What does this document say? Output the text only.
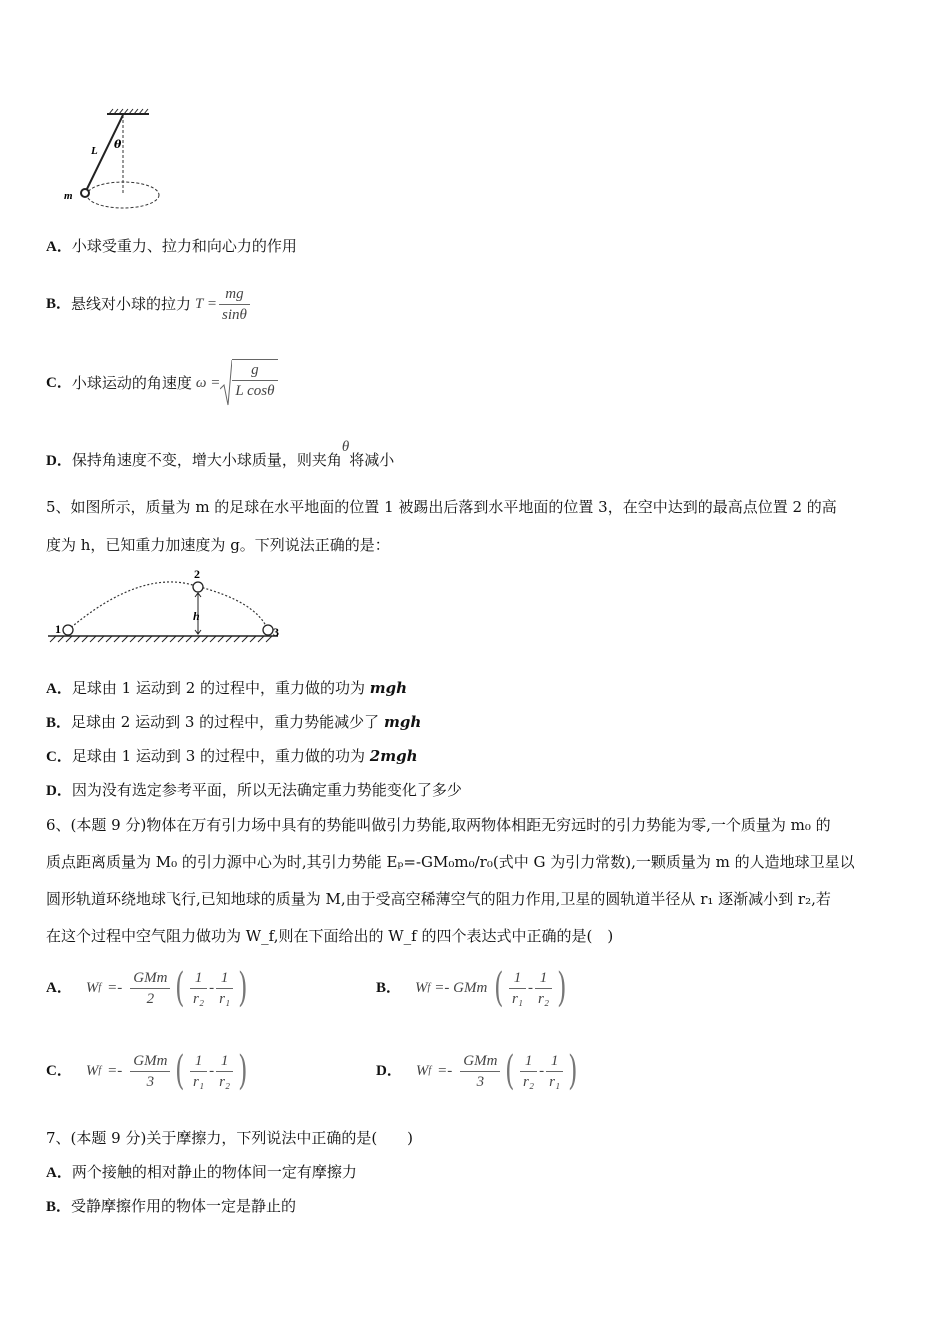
L θ
m
A．小球受重力、拉力和向心力的作用
B． 悬线对小球的拉力 $T = \frac{mg}{\sin\theta}$
C． 小球运动的角速度 $\omega = \frac{g}{\text{L cosθ}}$
D．保持角速度不变，增大小球质量，则夹角θ将减小
5、如图所示，质量为 m 的足球在水平地面的位置 1 被踢出后落到水平地面的位置 3，在空中达到的最高点位置 2 的高
度为 h，已知重力加速度为 g。下列说法正确的是：
1
2
3
h
A．足球由 1 运动到 2 的过程中，重力做的功为 mgh
B．足球由 2 运动到 3 的过程中，重力势能减少了 mgh
C．足球由 1 运动到 3 的过程中，重力做的功为 2mgh
D．因为没有选定参考平面，所以无法确定重力势能变化了多少
6、(本题 9 分)物体在万有引力场中具有的势能叫做引力势能,取两物体相距无穷远时的引力势能为零,一个质量为 m₀ 的
质点距离质量为 M₀ 的引力源中心为时,其引力势能 Eₚ=-GM₀m₀/r₀(式中 G 为引力常数),一颗质量为 m 的人造地球卫星以
圆形轨道环绕地球飞行,已知地球的质量为 M,由于受高空稀薄空气的阻力作用,卫星的圆轨道半径从 r₁ 逐渐减小到 r₂,若
在这个过程中空气阻力做功为 W_f,则在下面给出的 W_f 的四个表达式中正确的是(　)
A． W $f =- \frac{\text{GMm}}{2}$ ( $\frac{1}{\text{r₂}} - \frac{1}{\text{r₁}}$ )	B． W f =- GMm ( $\frac{1}{\text{r₁}} - \frac{1}{\text{r₂}}$ )
C． W $f =- \frac{\text{GMm}}{3}$ ( $\frac{1}{\text{r₁}} - \frac{1}{\text{r₂}}$ )	D． W $f =- \frac{\text{GMm}}{3}$ ( $\frac{1}{\text{r₂}} - \frac{1}{\text{r₁}}$ )
7、(本题 9 分)关于摩擦力，下列说法中正确的是(　　)
A．两个接触的相对静止的物体间一定有摩擦力
B．受静摩擦作用的物体一定是静止的
